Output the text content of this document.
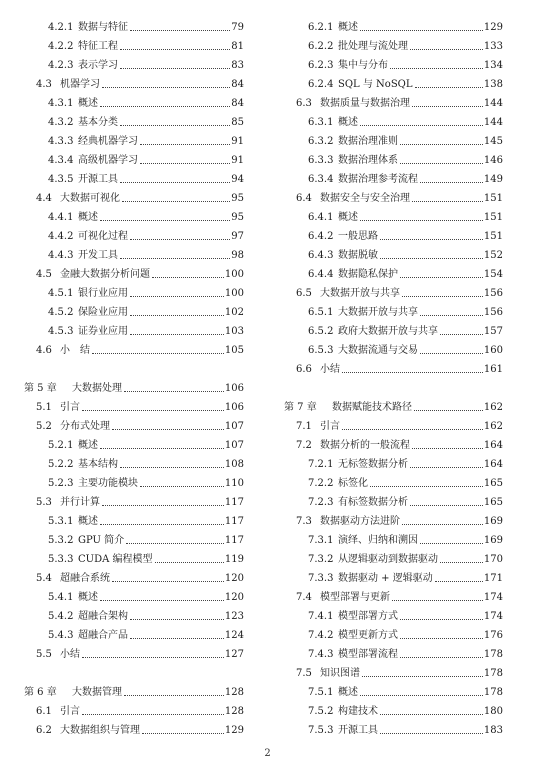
4.2.1 数据与特征	79
4.2.2 特征工程	81
4.2.3 表示学习	83
4.3 机器学习	84
4.3.1 概述	84
4.3.2 基本分类	85
4.3.3 经典机器学习	91
4.3.4 高级机器学习	91
4.3.5 开源工具	94
4.4 大数据可视化	95
4.4.1 概述	95
4.4.2 可视化过程	97
4.4.3 开发工具	98
4.5 金融大数据分析问题	100
4.5.1 银行业应用	100
4.5.2 保险业应用	102
4.5.3 证券业应用	103
4.6 小　结	105
第 5 章	大数据处理	106
5.1 引言	106
5.2 分布式处理	107
5.2.1 概述	107
5.2.2 基本结构	108
5.2.3 主要功能模块	110
5.3 并行计算	117
5.3.1 概述	117
5.3.2 GPU 简介	117
5.3.3 CUDA 编程模型	119
5.4 超融合系统	120
5.4.1 概述	120
5.4.2 超融合架构	123
5.4.3 超融合产品	124
5.5 小结	127
第 6 章	大数据管理	128
6.1 引言	128
6.2 大数据组织与管理	129
6.2.1 概述	129
6.2.2 批处理与流处理	133
6.2.3 集中与分布	134
6.2.4 SQL 与 NoSQL	138
6.3 数据质量与数据治理	144
6.3.1 概述	144
6.3.2 数据治理准则	145
6.3.3 数据治理体系	146
6.3.4 数据治理参考流程	149
6.4 数据安全与安全治理	151
6.4.1 概述	151
6.4.2 一般思路	151
6.4.3 数据脱敏	152
6.4.4 数据隐私保护	154
6.5 大数据开放与共享	156
6.5.1 大数据开放与共享	156
6.5.2 政府大数据开放与共享	157
6.5.3 大数据流通与交易	160
6.6 小结	161
第 7 章	数据赋能技术路径	162
7.1 引言	162
7.2 数据分析的一般流程	164
7.2.1 无标签数据分析	164
7.2.2 标签化	165
7.2.3 有标签数据分析	165
7.3 数据驱动方法进阶	169
7.3.1 演绎、归纳和溯因	169
7.3.2 从逻辑驱动到数据驱动	170
7.3.3 数据驱动 + 逻辑驱动	171
7.4 模型部署与更新	174
7.4.1 模型部署方式	174
7.4.2 模型更新方式	176
7.4.3 模型部署流程	178
7.5 知识图谱	178
7.5.1 概述	178
7.5.2 构建技术	180
7.5.3 开源工具	183
2
